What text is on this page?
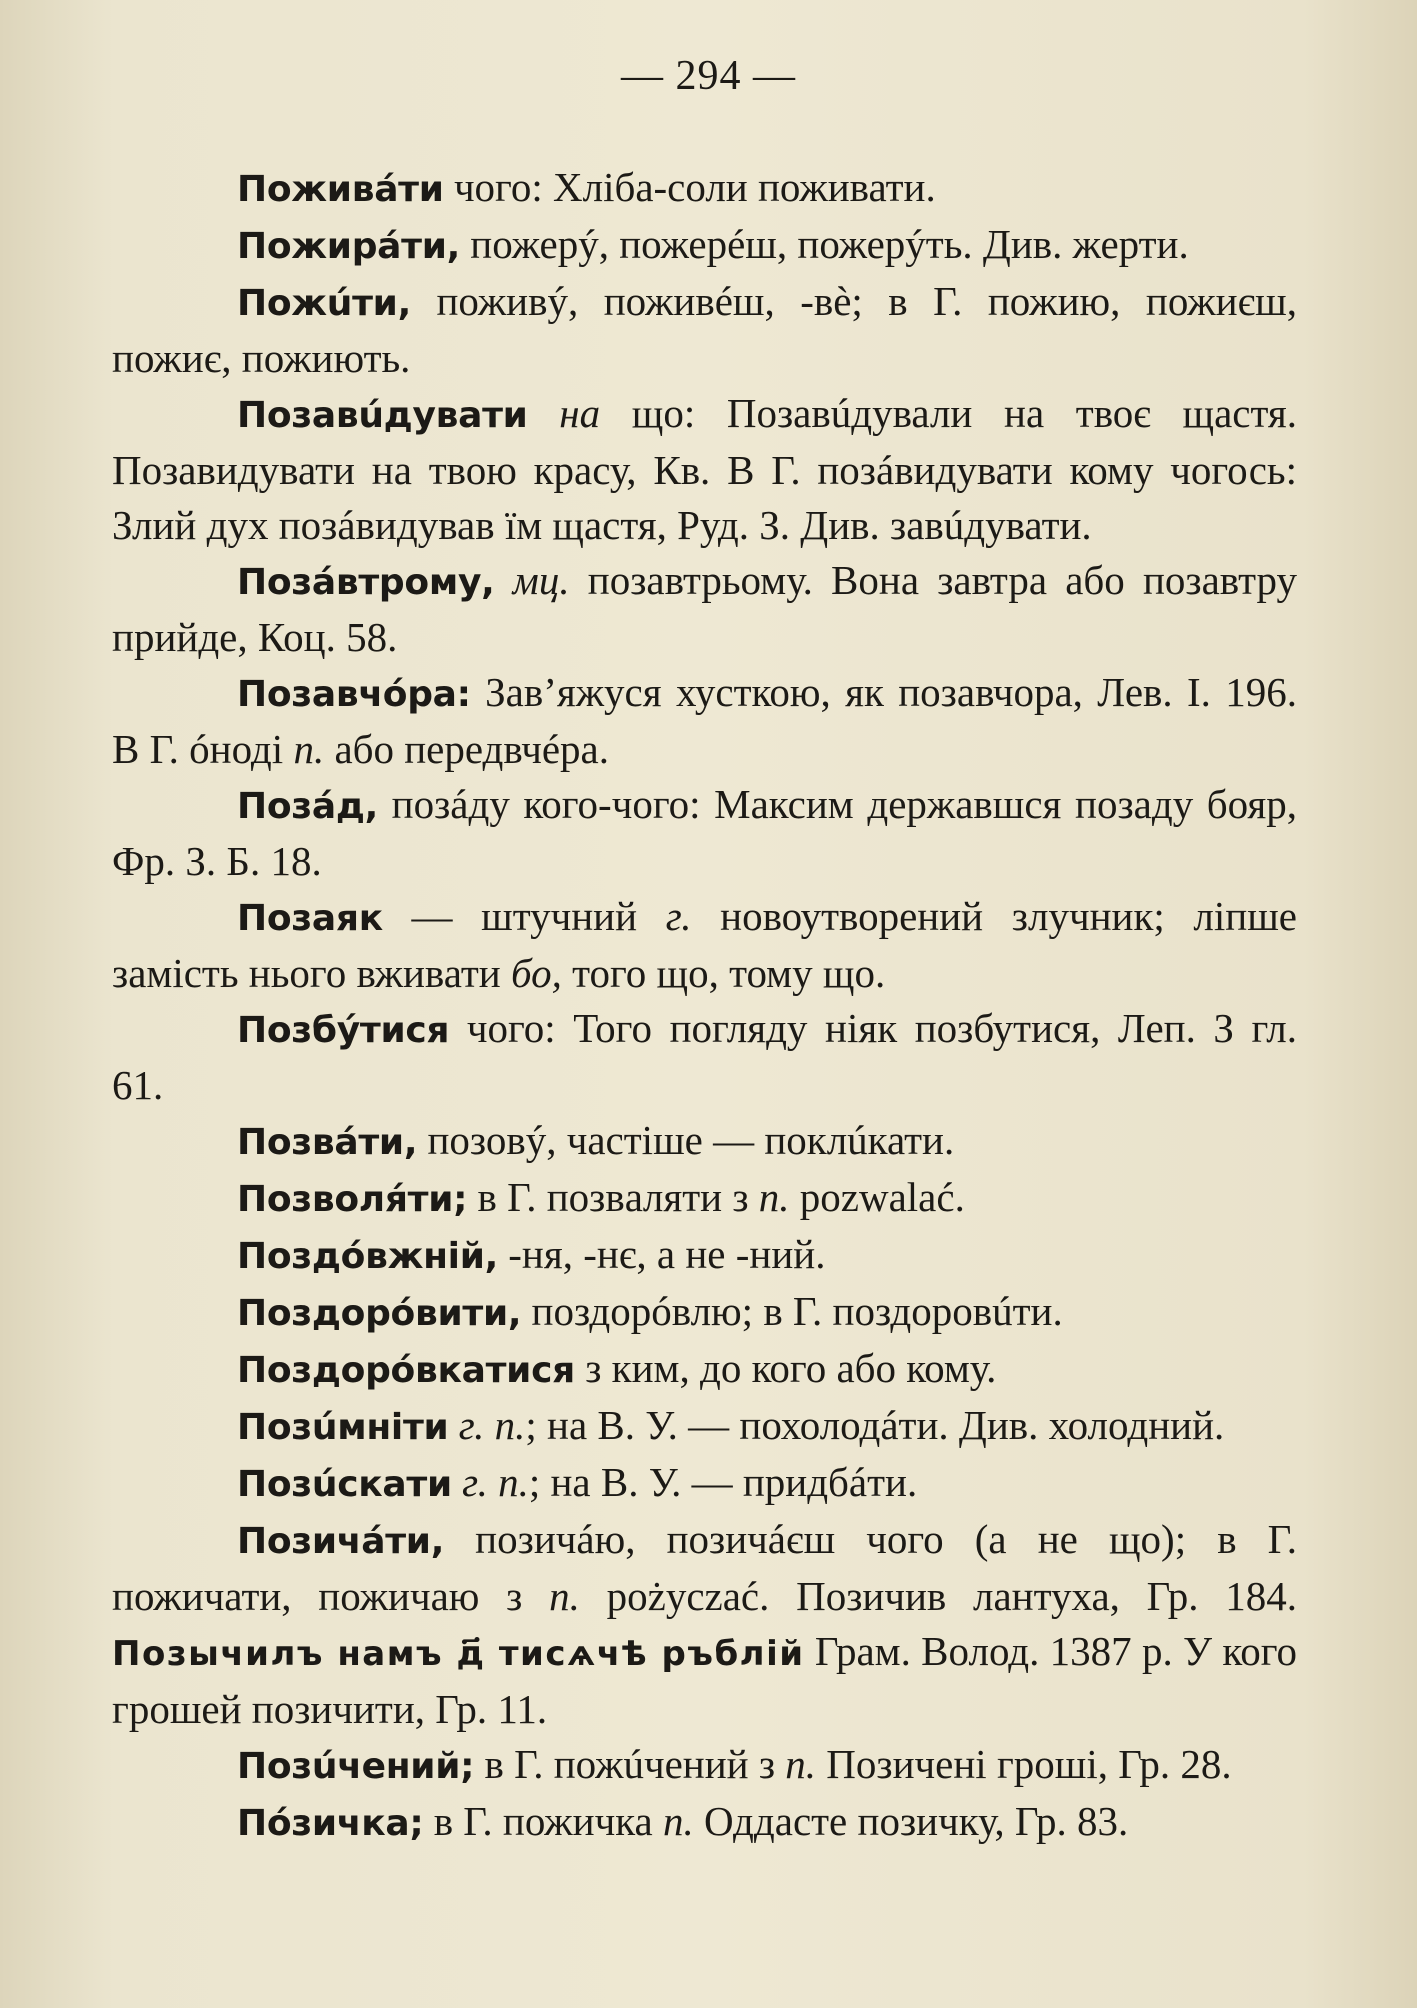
— 294 —

Поживáти чого: Хліба-соли поживати.

Пожирáти, пожерý, пожерéш, пожерýть. Див. жерти.

Пожúти, поживý, поживéш, -вѐ; в Г. пожию, пожиєш, пожиє, пожиють.

Позавúдувати на що: Позавúдували на твоє щастя. Позавидувати на твою красу, Кв. В Г. позáвидувати кому чогось: Злий дух позáвидував їм щастя, Руд. З. Див. завúдувати.

Позáвтрому, мц. позавтрьому. Вона завтра або позавтру прийде, Коц. 58.

Позавчóра: Зав’яжуся хусткою, як позавчора, Лев. І. 196. В Г. óноді п. або передвчéра.

Позáд, позáду кого-чого: Максим державшся позаду бояр, Фр. З. Б. 18.

Позаяк — штучний г. новоутворений злучник; ліпше замість нього вживати бо, того що, тому що.

Позбýтися чого: Того погляду ніяк позбутися, Леп. З гл. 61.

Позвáти, позовý, частіше — поклúкати.

Позволя́ти; в Г. позвaляти з п. pozwalać.

Поздóвжній, -ня, -нє, а не -ний.

Поздорóвити, поздорóвлю; в Г. поздоровúти.

Поздорóвкатися з ким, до кого або кому.

Позúмніти г. п.; на В. У. — похолодáти. Див. холодний.

Позúскати г. п.; на В. У. — придбáти.

Позичáти, позичáю, позичáєш чого (а не що); в Г. пожичати, пожичаю з п. pożyczać. Позичив лантуха, Гр. 184. Позычилъ намъ д҃ тисѧчѣ ръблій Грам. Волод. 1387 р. У кого грошей позичити, Гр. 11.

Позúчений; в Г. пожúчений з п. Позичені гроші, Гр. 28.

Пóзичка; в Г. пожичка п. Оддасте позичку, Гр. 83.
